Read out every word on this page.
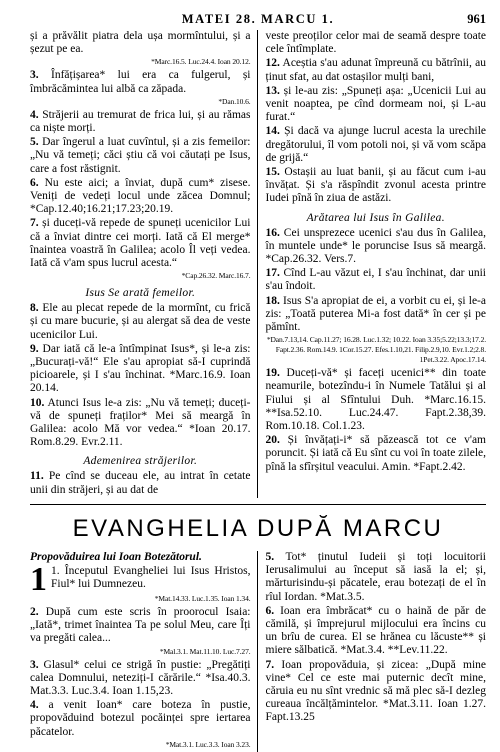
MATEI 28. MARCU 1.	961

și a prăvălit piatra dela ușa mormîntului, și a șezut pe ea.

*Marc.16.5. Luc.24.4. Ioan 20.12.

3. Înfățișarea* lui era ca fulgerul, și îmbrăcămintea lui albă ca zăpada.

*Dan.10.6.

4. Străjerii au tremurat de frica lui, și au rămas ca niște morți.

5. Dar îngerul a luat cuvîntul, și a zis femeilor: „Nu vă temeți; căci știu că voi căutați pe Isus, care a fost răstignit.

6. Nu este aici; a înviat, după cum* zisese. Veniți de vedeți locul unde zăcea Domnul; *Cap.12.40;16.21;17.23;20.19.

7. și duceți-vă repede de spuneți ucenicilor Lui că a înviat dintre cei morți. Iată că El merge* înaintea voastră în Galilea; acolo Îl veți vedea. Iată că v'am spus lucrul acesta.“

*Cap.26.32. Marc.16.7.
Isus Se arată femeilor.

8. Ele au plecat repede de la mormînt, cu frică și cu mare bucurie, și au alergat să dea de veste ucenicilor Lui.

9. Dar iată că le-a întîmpinat Isus*, și le-a zis: „Bucurați-vă!“ Ele s'au apropiat să-I cuprindă picioarele, și I s'au închinat. *Marc.16.9. Ioan 20.14.

10. Atunci Isus le-a zis: „Nu vă temeți; duceți-vă de spuneți fraților* Mei să meargă în Galilea: acolo Mă vor vedea.“ *Ioan 20.17. Rom.8.29. Evr.2.11.

Ademenirea străjerilor.

11. Pe cînd se duceau ele, au intrat în cetate unii din străjeri, și au dat de

veste preoților celor mai de seamă despre toate cele întîmplate.

12. Aceștia s'au adunat împreună cu bătrînii, au ținut sfat, au dat ostașilor mulți bani,

13. și le-au zis: „Spuneți așa: „Ucenicii Lui au venit noaptea, pe cînd dormeam noi, și L-au furat.“

14. Și dacă va ajunge lucrul acesta la urechile dregătorului, îl vom potoli noi, și vă vom scăpa de grijă.“

15. Ostașii au luat banii, și au făcut cum i-au învățat. Și s'a răspîndit zvonul acesta printre Iudei pînă în ziua de astăzi.

Arătarea lui Isus în Galilea.

16. Cei unsprezece ucenici s'au dus în Galilea, în muntele unde* le poruncise Isus să meargă. *Cap.26.32. Vers.7.

17. Cînd L-au văzut ei, I s'au închinat, dar unii s'au îndoit.

18. Isus S'a apropiat de ei, a vorbit cu ei, și le-a zis: „Toată puterea Mi-a fost dată* în cer și pe pămînt.

*Dan.7.13,14. Cap.11.27; 16.28. Luc.1.32; 10.22. Ioan 3.35;5.22;13.3;17.2. Fapt.2.36. Rom.14.9. 1Cor.15.27. Efes.1.10,21. Filip.2.9,10. Evr.1.2;2.8. 1Pet.3.22. Apoc.17.14.

19. Duceți-vă* și faceți ucenici** din toate neamurile, botezîndu-i în Numele Tatălui și al Fiului și al Sfîntului Duh. *Marc.16.15. **Isa.52.10. Luc.24.47. Fapt.2.38,39. Rom.10.18. Col.1.23.

20. Și învățați-i* să păzească tot ce v'am poruncit. Și iată că Eu sînt cu voi în toate zilele, pînă la sfîrșitul veacului. Amin. *Fapt.2.42.

EVANGHELIA DUPĂ MARCU
Propovăduirea lui Ioan Botezătorul.
1 1. Începutul Evangheliei lui Isus Hristos, Fiul* lui Dumnezeu.

*Mat.14.33. Luc.1.35. Ioan 1.34.

2. După cum este scris în proorocul Isaia: „Iată*, trimet înaintea Ta pe solul Meu, care Îți va pregăti calea...

*Mal.3.1. Mat.11.10. Luc.7.27.

3. Glasul* celui ce strigă în pustie: „Pregătiți calea Domnului, neteziți-I cărările.“ *Isa.40.3. Mat.3.3. Luc.3.4. Ioan 1.15,23.

4. a venit Ioan* care boteza în pustie, propovăduind botezul pocăinței spre iertarea păcatelor.

*Mat.3.1. Luc.3.3. Ioan 3.23.

5. Tot* ținutul Iudeii și toți locuitorii Ierusalimului au început să iasă la el; și, mărturisindu-și păcatele, erau botezați de el în rîul Iordan. *Mat.3.5.

6. Ioan era îmbrăcat* cu o haină de păr de cămilă, și împrejurul mijlocului era încins cu un brîu de curea. El se hrănea cu lăcuste** și miere sălbatică. *Mat.3.4. **Lev.11.22.

7. Ioan propovăduia, și zicea: „După mine vine* Cel ce este mai puternic decît mine, căruia eu nu sînt vrednic să mă plec să-I dezleg cureaua încălțămintelor. *Mat.3.11. Ioan 1.27. Fapt.13.25
